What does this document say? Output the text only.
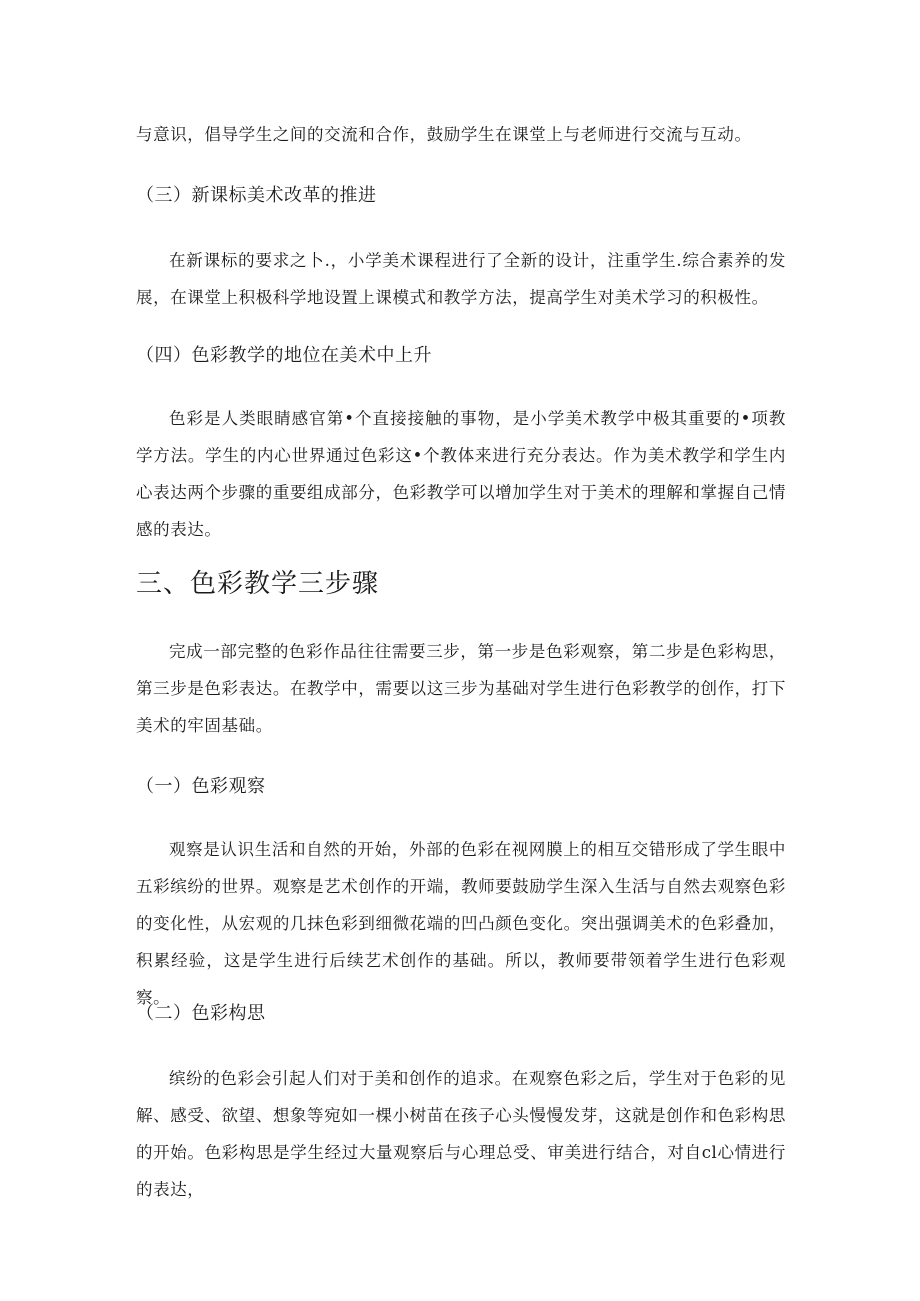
与意识，倡导学生之间的交流和合作，鼓励学生在课堂上与老师进行交流与互动。

（三）新课标美术改革的推进

在新课标的要求之卜.，小学美术课程进行了全新的设计，注重学生.综合素养的发展，在课堂上积极科学地设置上课模式和教学方法，提高学生对美术学习的积极性。

（四）色彩教学的地位在美术中上升

色彩是人类眼睛感官第•个直接接触的事物，是小学美术教学中极其重要的•项教学方法。学生的内心世界通过色彩这•个教体来进行充分表达。作为美术教学和学生内心表达两个步骤的重要组成部分，色彩教学可以增加学生对于美术的理解和掌握自己情感的表达。

三、色彩教学三步骤

完成一部完整的色彩作品往往需要三步，第一步是色彩观察，第二步是色彩构思，第三步是色彩表达。在教学中，需要以这三步为基础对学生进行色彩教学的创作，打下美术的牢固基础。

（一）色彩观察

观察是认识生活和自然的开始，外部的色彩在视网膜上的相互交错形成了学生眼中五彩缤纷的世界。观察是艺术创作的开端，教师要鼓励学生深入生活与自然去观察色彩的变化性，从宏观的几抹色彩到细微花端的凹凸颜色变化。突出强调美术的色彩叠加，积累经验，这是学生进行后续艺术创作的基础。所以，教师要带领着学生进行色彩观察。

（二）色彩构思

缤纷的色彩会引起人们对于美和创作的追求。在观察色彩之后，学生对于色彩的见解、感受、欲望、想象等宛如一棵小树苗在孩子心头慢慢发芽，这就是创作和色彩构思的开始。色彩构思是学生经过大量观察后与心理总受、审美进行结合，对自cl心情进行的表达，
